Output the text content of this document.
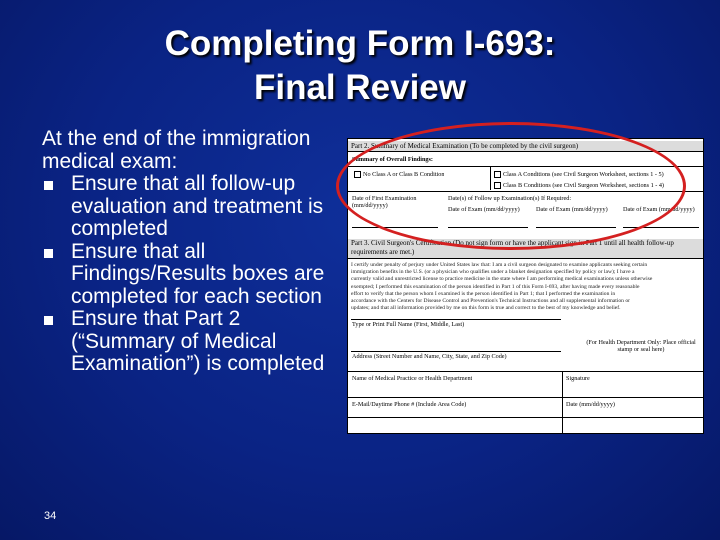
Completing Form I-693:
Final Review
At the end of the immigration medical exam:
Ensure that all follow-up evaluation and treatment is completed
Ensure that all Findings/Results boxes are completed for each section
Ensure that Part 2 (“Summary of Medical Examination”) is completed
34
Part 2. Summary of Medical Examination (To be completed by the civil surgeon)
Summary of Overall Findings:
No Class A or Class B Condition	Class A Conditions (see Civil Surgeon Worksheet, sections 1 - 5)
Class B Conditions (see Civil Surgeon Worksheet, sections 1 - 4)
Date of First Examination (mm/dd/yyyy)
Date(s) of Follow up Examination(s) If Required:
Date of Exam (mm/dd/yyyy)	Date of Exam (mm/dd/yyyy) Date of Exam (mm/dd/yyyy)
Part 3. Civil Surgeon's Certification (Do not sign form or have the applicant sign in Part 1 until all health follow-up requirements are met.)
I certify under penalty of perjury under United States law that: I am a civil surgeon designated to examine applicants seeking certain
immigration benefits in the U.S. (or a physician who qualifies under a blanket designation specified by policy or law); I have a
currently valid and unrestricted license to practice medicine in the state where I am performing medical examinations unless otherwise
exempted; I performed this examination of the person identified in Part 1 of this Form I-693, after having made every reasonable
effort to verify that the person whom I examined is the person identified in Part 1; that I performed the examination in
accordance with the Centers for Disease Control and Prevention's Technical Instructions and all supplemental information or
updates; and that all information provided by me on this form is true and correct to the best of my knowledge and belief.
Type or Print Full Name (First, Middle, Last)
Address (Street Number and Name, City, State, and Zip Code)
(For Health Department Only: Place official stamp or seal here)
Name of Medical Practice or Health Department	Signature
E-Mail/Daytime Phone # (Include Area Code)	Date (mm/dd/yyyy)
